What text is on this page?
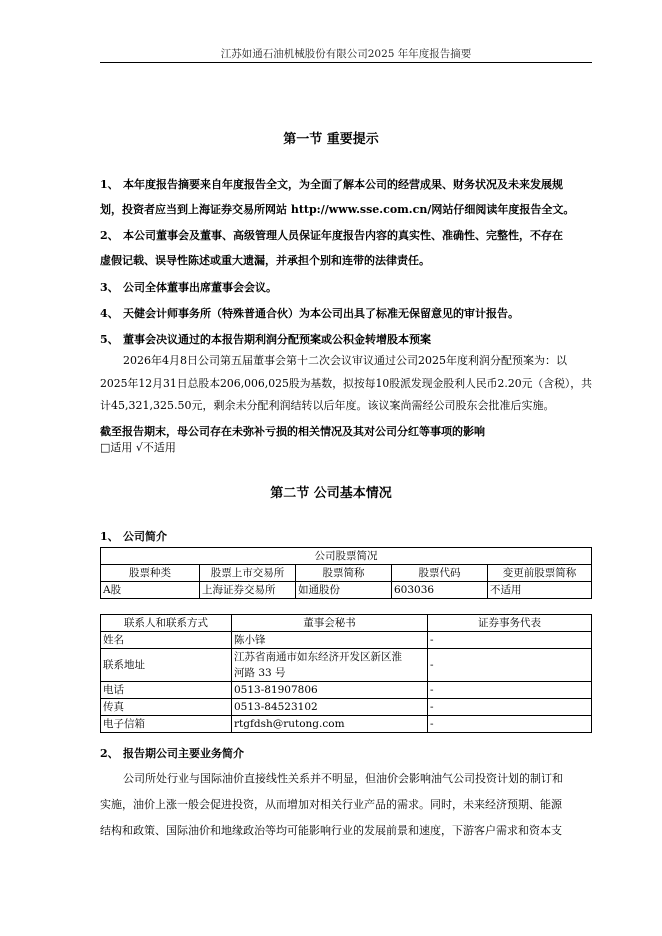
江苏如通石油机械股份有限公司2025 年年度报告摘要
第一节 重要提示
1、 本年度报告摘要来自年度报告全文，为全面了解本公司的经营成果、财务状况及未来发展规
划，投资者应当到上海证券交易所网站 http://www.sse.com.cn/网站仔细阅读年度报告全文。
2、 本公司董事会及董事、高级管理人员保证年度报告内容的真实性、准确性、完整性，不存在
虚假记载、误导性陈述或重大遗漏，并承担个别和连带的法律责任。
3、 公司全体董事出席董事会会议。
4、 天健会计师事务所（特殊普通合伙）为本公司出具了标准无保留意见的审计报告。
5、 董事会决议通过的本报告期利润分配预案或公积金转增股本预案
2026年4月8日公司第五届董事会第十二次会议审议通过公司2025年度利润分配预案为：以
2025年12月31日总股本206,006,025股为基数，拟按每10股派发现金股利人民币2.20元（含税），共
计45,321,325.50元，剩余未分配利润结转以后年度。该议案尚需经公司股东会批准后实施。
截至报告期末，母公司存在未弥补亏损的相关情况及其对公司分红等事项的影响
□适用 √不适用
第二节 公司基本情况
1、 公司简介
公司股票简况				
股票种类	股票上市交易所	股票简称	股票代码	变更前股票简称
A股	上海证券交易所	如通股份	603036	不适用
联系人和联系方式	董事会秘书	证券事务代表
姓名	陈小锋	-
联系地址	江苏省南通市如东经济开发区新区淮
河路 33 号	-
电话	0513-81907806	-
传真	0513-84523102	-
电子信箱	rtgfdsh@rutong.com	-
2、 报告期公司主要业务简介
公司所处行业与国际油价直接线性关系并不明显，但油价会影响油气公司投资计划的制订和
实施，油价上涨一般会促进投资，从而增加对相关行业产品的需求。同时，未来经济预期、能源
结构和政策、国际油价和地缘政治等均可能影响行业的发展前景和速度，下游客户需求和资本支
